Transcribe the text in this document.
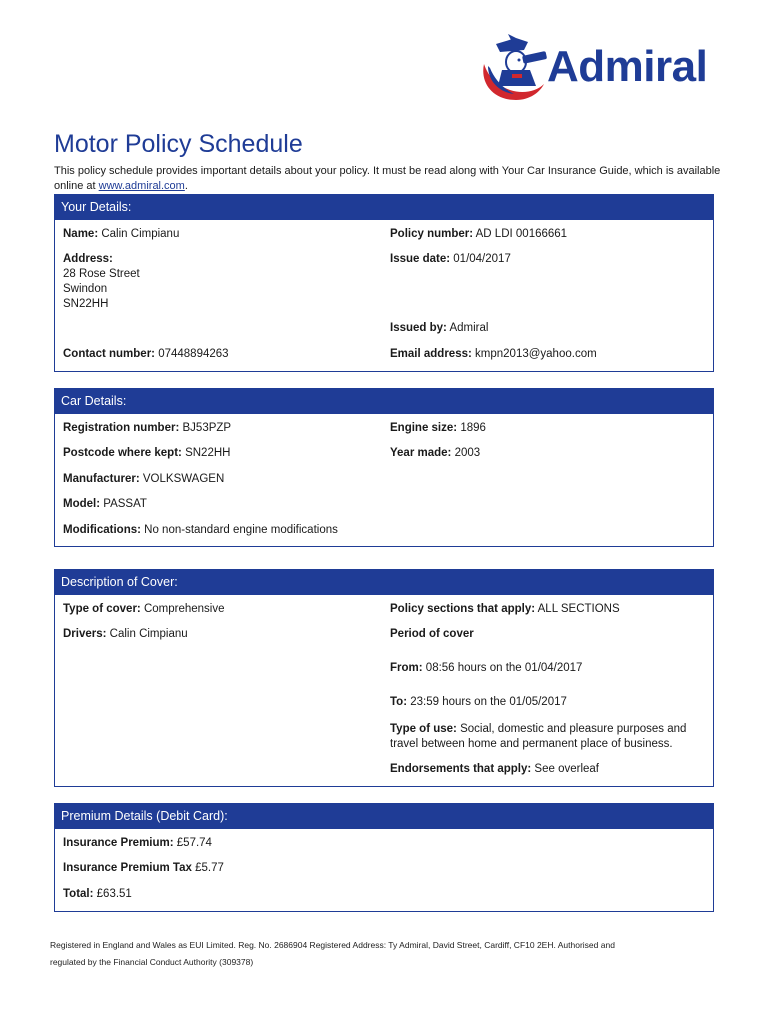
Admiral
Motor Policy Schedule
This policy schedule provides important details about your policy. It must be read along with Your Car Insurance Guide, which is available online at www.admiral.com.
Your Details:
Name: Calin Cimpianu
Address:
28 Rose Street
Swindon
SN22HH
Contact number: 07448894263
Policy number: AD LDI 00166661
Issue date: 01/04/2017
Issued by: Admiral
Email address: kmpn2013@yahoo.com
Car Details:
Registration number: BJ53PZP
Postcode where kept: SN22HH
Manufacturer: VOLKSWAGEN
Model: PASSAT
Modifications: No non-standard engine modifications
Engine size: 1896
Year made: 2003
Description of Cover:
Type of cover: Comprehensive
Drivers: Calin Cimpianu
Policy sections that apply: ALL SECTIONS
Period of cover
From: 08:56 hours on the 01/04/2017
To: 23:59 hours on the 01/05/2017
Type of use: Social, domestic and pleasure purposes and
travel between home and permanent place of business.
Endorsements that apply: See overleaf
Premium Details (Debit Card):
Insurance Premium: £57.74
Insurance Premium Tax £5.77
Total: £63.51
Registered in England and Wales as EUI Limited. Reg. No. 2686904 Registered Address: Ty Admiral, David Street, Cardiff, CF10 2EH. Authorised and
regulated by the Financial Conduct Authority (309378)
